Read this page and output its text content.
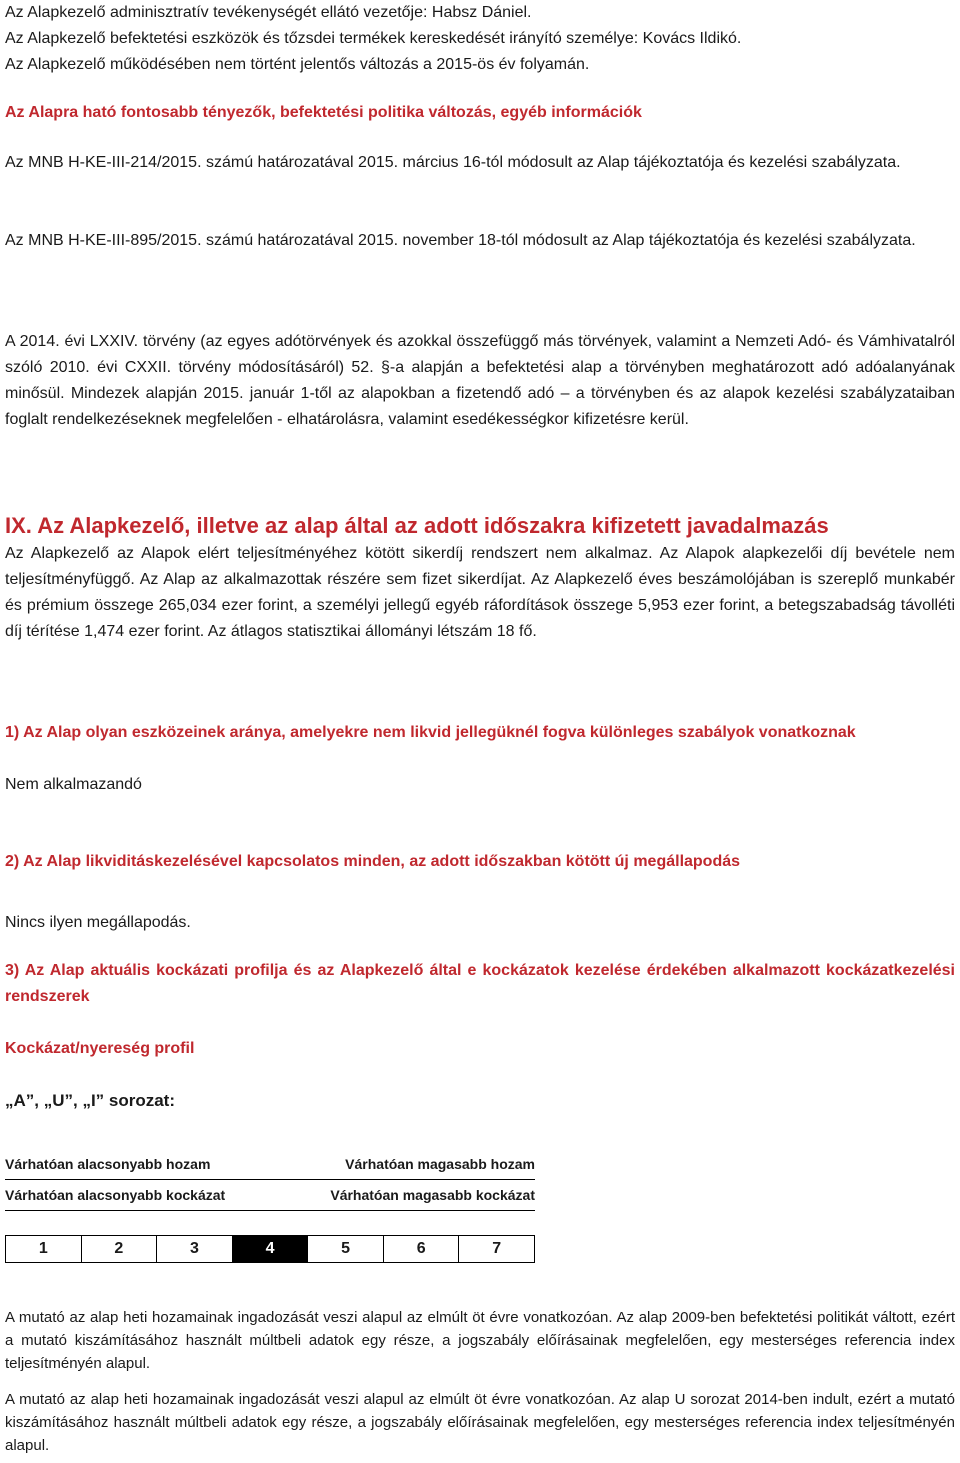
Az Alapkezelő adminisztratív tevékenységét ellátó vezetője: Habsz Dániel.

Az Alapkezelő befektetési eszközök és tőzsdei termékek kereskedését irányító személye: Kovács Ildikó.

Az Alapkezelő működésében nem történt jelentős változás a 2015-ös év folyamán.

Az Alapra ható fontosabb tényezők, befektetési politika változás, egyéb információk

Az MNB H-KE-III-214/2015. számú határozatával 2015. március 16-tól módosult az Alap tájékoztatója és kezelési szabályzata.

Az MNB H-KE-III-895/2015. számú határozatával 2015. november 18-tól módosult az Alap tájékoztatója és kezelési szabályzata.

A 2014. évi LXXIV. törvény (az egyes adótörvények és azokkal összefüggő más törvények, valamint a Nemzeti Adó- és Vámhivatalról szóló 2010. évi CXXII. törvény módosításáról) 52. §-a alapján a befektetési alap a törvényben meghatározott adó adóalanyának minősül. Mindezek alapján 2015. január 1-től az alapokban a fizetendő adó – a törvényben és az alapok kezelési szabályzataiban foglalt rendelkezéseknek megfelelően - elhatárolásra, valamint esedékességkor kifizetésre kerül.

IX. Az Alapkezelő, illetve az alap által az adott időszakra kifizetett javadalmazás

Az Alapkezelő az Alapok elért teljesítményéhez kötött sikerdíj rendszert nem alkalmaz. Az Alapok alapkezelői díj bevétele nem teljesítményfüggő. Az Alap az alkalmazottak részére sem fizet sikerdíjat. Az Alapkezelő éves beszámolójában is szereplő munkabér és prémium összege 265,034 ezer forint, a személyi jellegű egyéb ráfordítások összege 5,953 ezer forint, a betegszabadság távolléti díj térítése 1,474 ezer forint. Az átlagos statisztikai állományi létszám 18 fő.

1) Az Alap olyan eszközeinek aránya, amelyekre nem likvid jellegüknél fogva különleges szabályok vonatkoznak

Nem alkalmazandó

2) Az Alap likviditáskezelésével kapcsolatos minden, az adott időszakban kötött új megállapodás

Nincs ilyen megállapodás.

3) Az Alap aktuális kockázati profilja és az Alapkezelő által e kockázatok kezelése érdekében alkalmazott kockázatkezelési rendszerek

Kockázat/nyereség profil

„A”, „U”, „I” sorozat:

Várhatóan alacsonyabb hozam	Várhatóan magasabb hozam
Várhatóan alacsonyabb kockázat	Várhatóan magasabb kockázat
1	2	3	4	5	6	7

A mutató az alap heti hozamainak ingadozását veszi alapul az elmúlt öt évre vonatkozóan. Az alap 2009-ben befektetési politikát váltott, ezért a mutató kiszámításához használt múltbeli adatok egy része, a jogszabály előírásainak megfelelően, egy mesterséges referencia index teljesítményén alapul.

A mutató az alap heti hozamainak ingadozását veszi alapul az elmúlt öt évre vonatkozóan. Az alap U sorozat 2014-ben indult, ezért a mutató kiszámításához használt múltbeli adatok egy része, a jogszabály előírásainak megfelelően, egy mesterséges referencia index teljesítményén alapul.
